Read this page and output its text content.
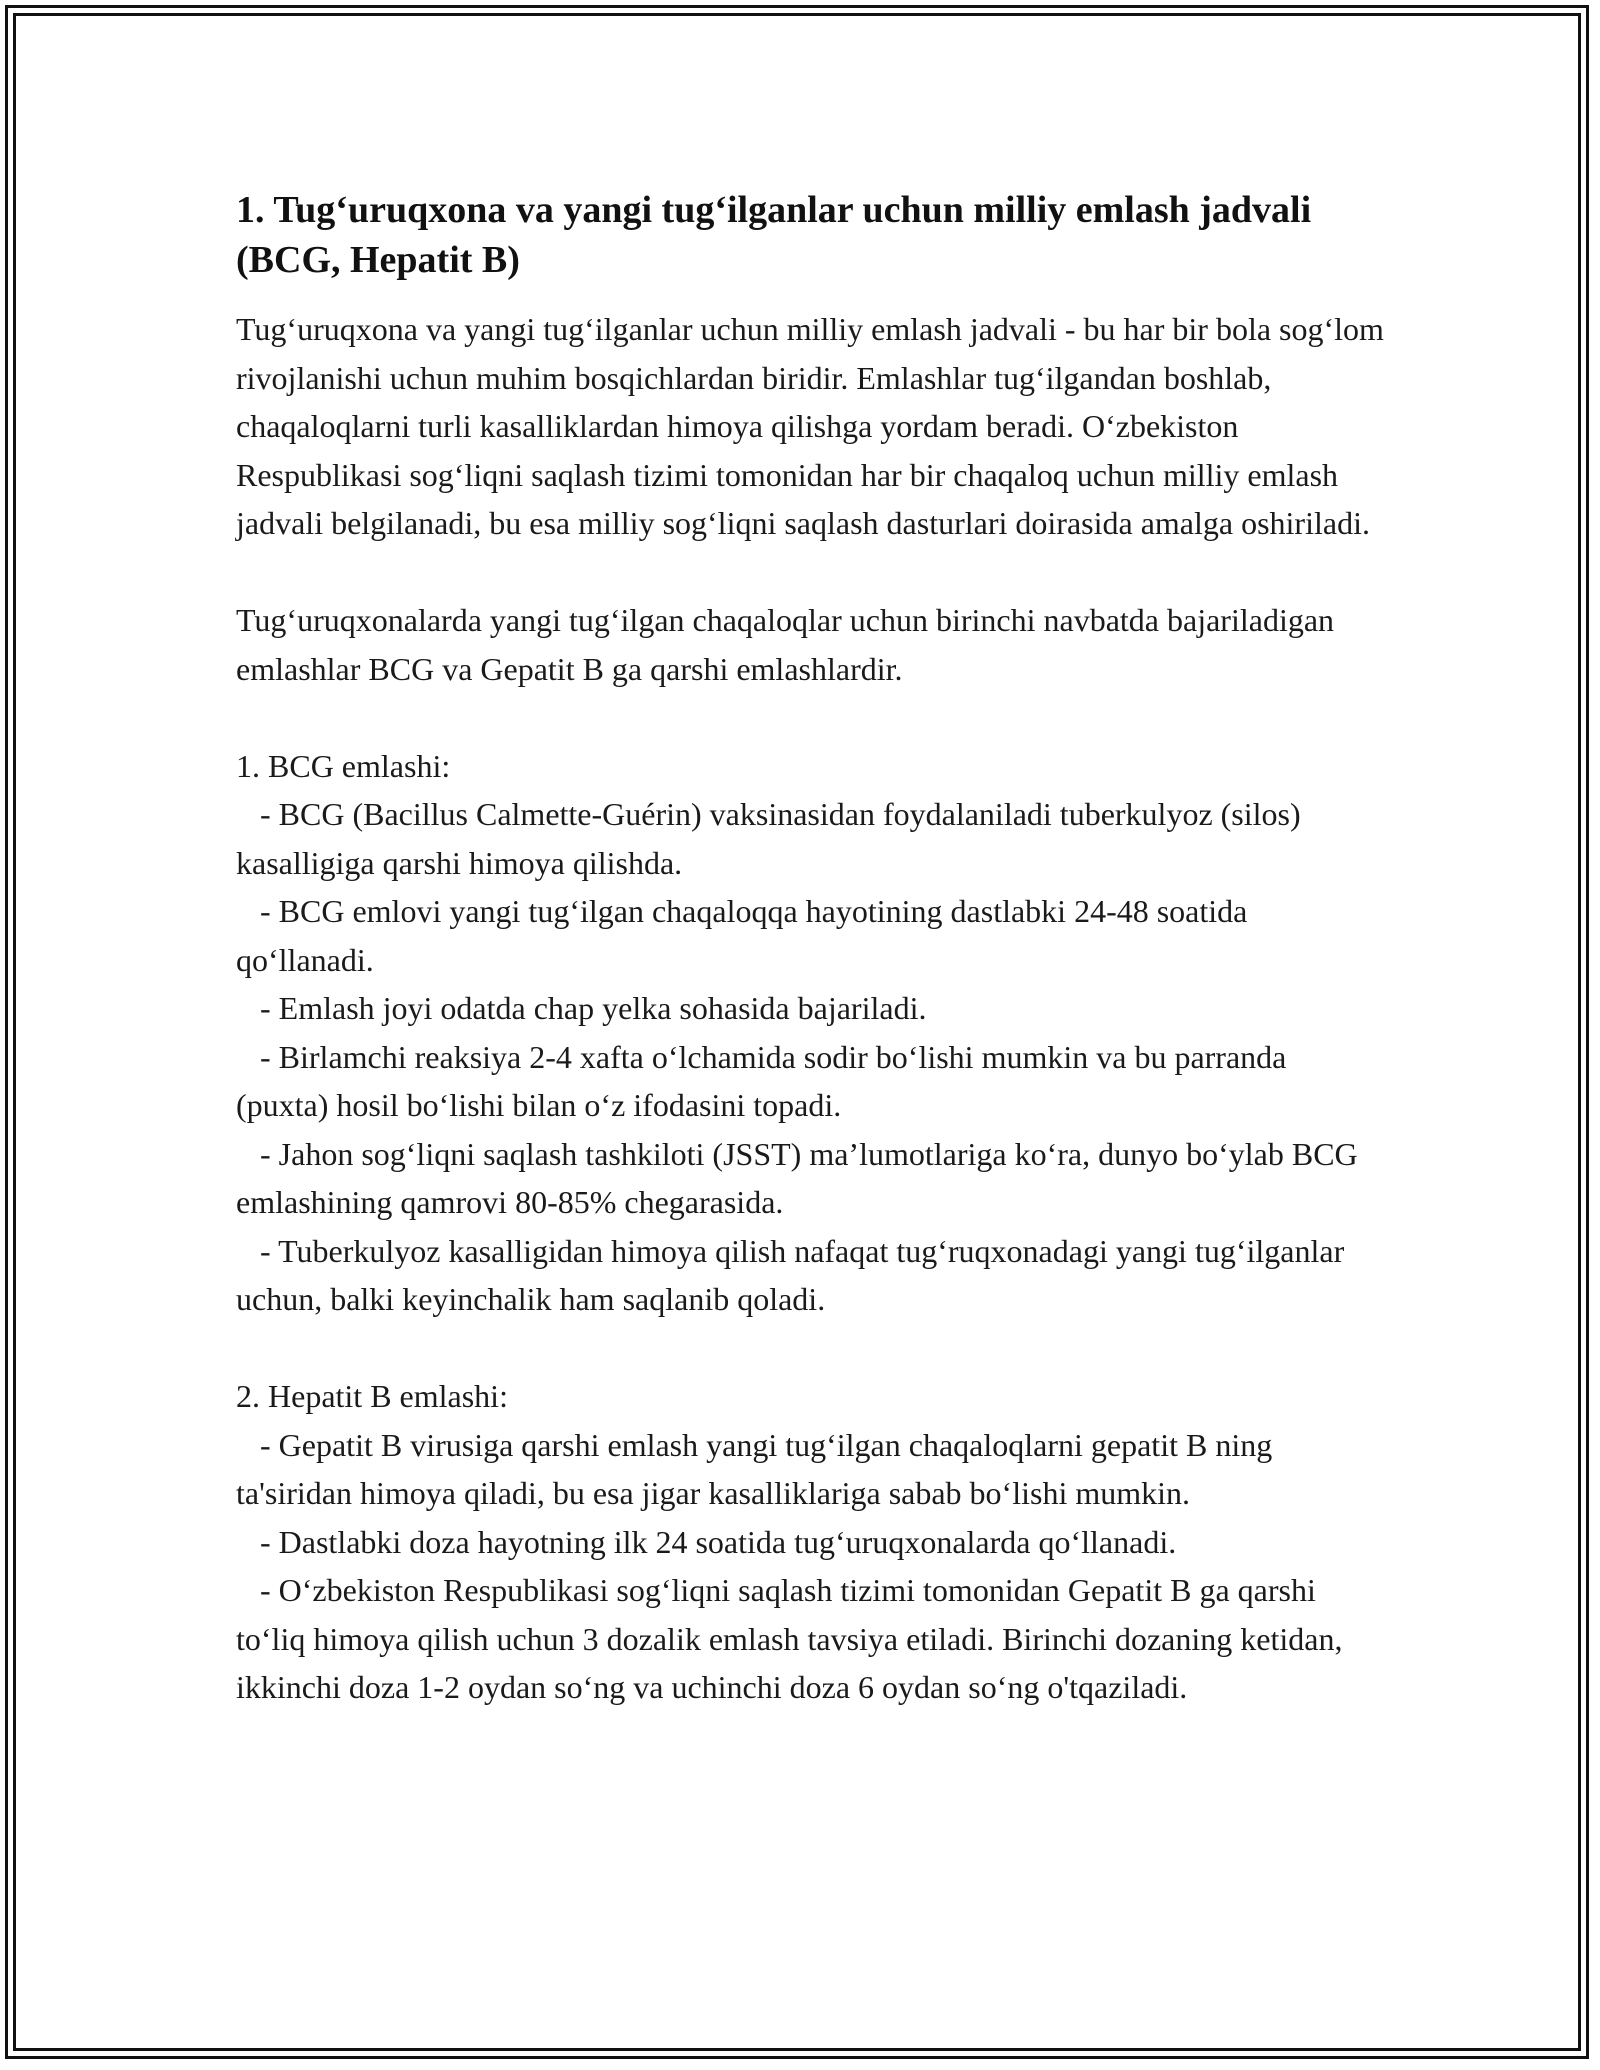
1. Tug‘uruqxona va yangi tug‘ilganlar uchun milliy emlash jadvali (BCG, Hepatit B)

Tug‘uruqxona va yangi tug‘ilganlar uchun milliy emlash jadvali - bu har bir bola sog‘lom rivojlanishi uchun muhim bosqichlardan biridir. Emlashlar tug‘ilgandan boshlab, chaqaloqlarni turli kasalliklardan himoya qilishga yordam beradi. O‘zbekiston Respublikasi sog‘liqni saqlash tizimi tomonidan har bir chaqaloq uchun milliy emlash jadvali belgilanadi, bu esa milliy sog‘liqni saqlash dasturlari doirasida amalga oshiriladi.

Tug‘uruqxonalarda yangi tug‘ilgan chaqaloqlar uchun birinchi navbatda bajariladigan emlashlar BCG va Gepatit B ga qarshi emlashlardir.

1. BCG emlashi:

- BCG (Bacillus Calmette-Guérin) vaksinasidan foydalaniladi tuberkulyoz (silos) kasalligiga qarshi himoya qilishda.

- BCG emlovi yangi tug‘ilgan chaqaloqqa hayotining dastlabki 24-48 soatida qo‘llanadi.

- Emlash joyi odatda chap yelka sohasida bajariladi.

- Birlamchi reaksiya 2-4 xafta o‘lchamida sodir bo‘lishi mumkin va bu parranda (puxta) hosil bo‘lishi bilan o‘z ifodasini topadi.

- Jahon sog‘liqni saqlash tashkiloti (JSST) ma’lumotlariga ko‘ra, dunyo bo‘ylab BCG emlashining qamrovi 80-85% chegarasida.

- Tuberkulyoz kasalligidan himoya qilish nafaqat tug‘ruqxonadagi yangi tug‘ilganlar uchun, balki keyinchalik ham saqlanib qoladi.

2. Hepatit B emlashi:

- Gepatit B virusiga qarshi emlash yangi tug‘ilgan chaqaloqlarni gepatit B ning ta'siridan himoya qiladi, bu esa jigar kasalliklariga sabab bo‘lishi mumkin.

- Dastlabki doza hayotning ilk 24 soatida tug‘uruqxonalarda qo‘llanadi.

- O‘zbekiston Respublikasi sog‘liqni saqlash tizimi tomonidan Gepatit B ga qarshi to‘liq himoya qilish uchun 3 dozalik emlash tavsiya etiladi. Birinchi dozaning ketidan, ikkinchi doza 1-2 oydan so‘ng va uchinchi doza 6 oydan so‘ng o'tqaziladi.
